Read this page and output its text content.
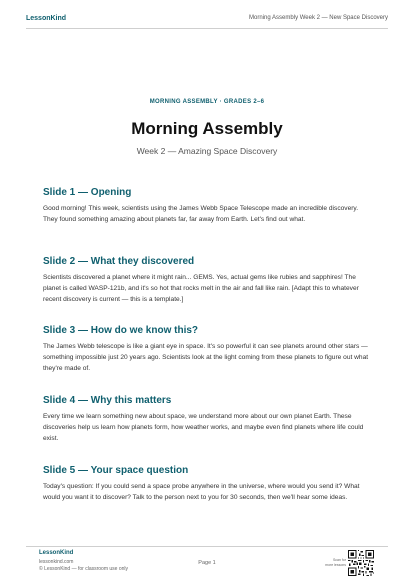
LessonKind	Morning Assembly Week 2 — New Space Discovery
MORNING ASSEMBLY · GRADES 2–6
Morning Assembly
Week 2 — Amazing Space Discovery
Slide 1 — Opening

Good morning! This week, scientists using the James Webb Space Telescope made an incredible discovery. They found something amazing about planets far, far away from Earth. Let's find out what.

Slide 2 — What they discovered

Scientists discovered a planet where it might rain... GEMS. Yes, actual gems like rubies and sapphires! The planet is called WASP-121b, and it's so hot that rocks melt in the air and fall like rain. [Adapt this to whatever recent discovery is current — this is a template.]

Slide 3 — How do we know this?

The James Webb telescope is like a giant eye in space. It's so powerful it can see planets around other stars — something impossible just 20 years ago. Scientists look at the light coming from these planets to figure out what they're made of.

Slide 4 — Why this matters

Every time we learn something new about space, we understand more about our own planet Earth. These discoveries help us learn how planets form, how weather works, and maybe even find planets where life could exist.

Slide 5 — Your space question

Today's question: If you could send a space probe anywhere in the universe, where would you send it? What would you want it to discover? Talk to the person next to you for 30 seconds, then we'll hear some ideas.

LessonKind
lessonkind.com
© LessonKind — for classroom use only
Page 1	Scan for
more lessons
